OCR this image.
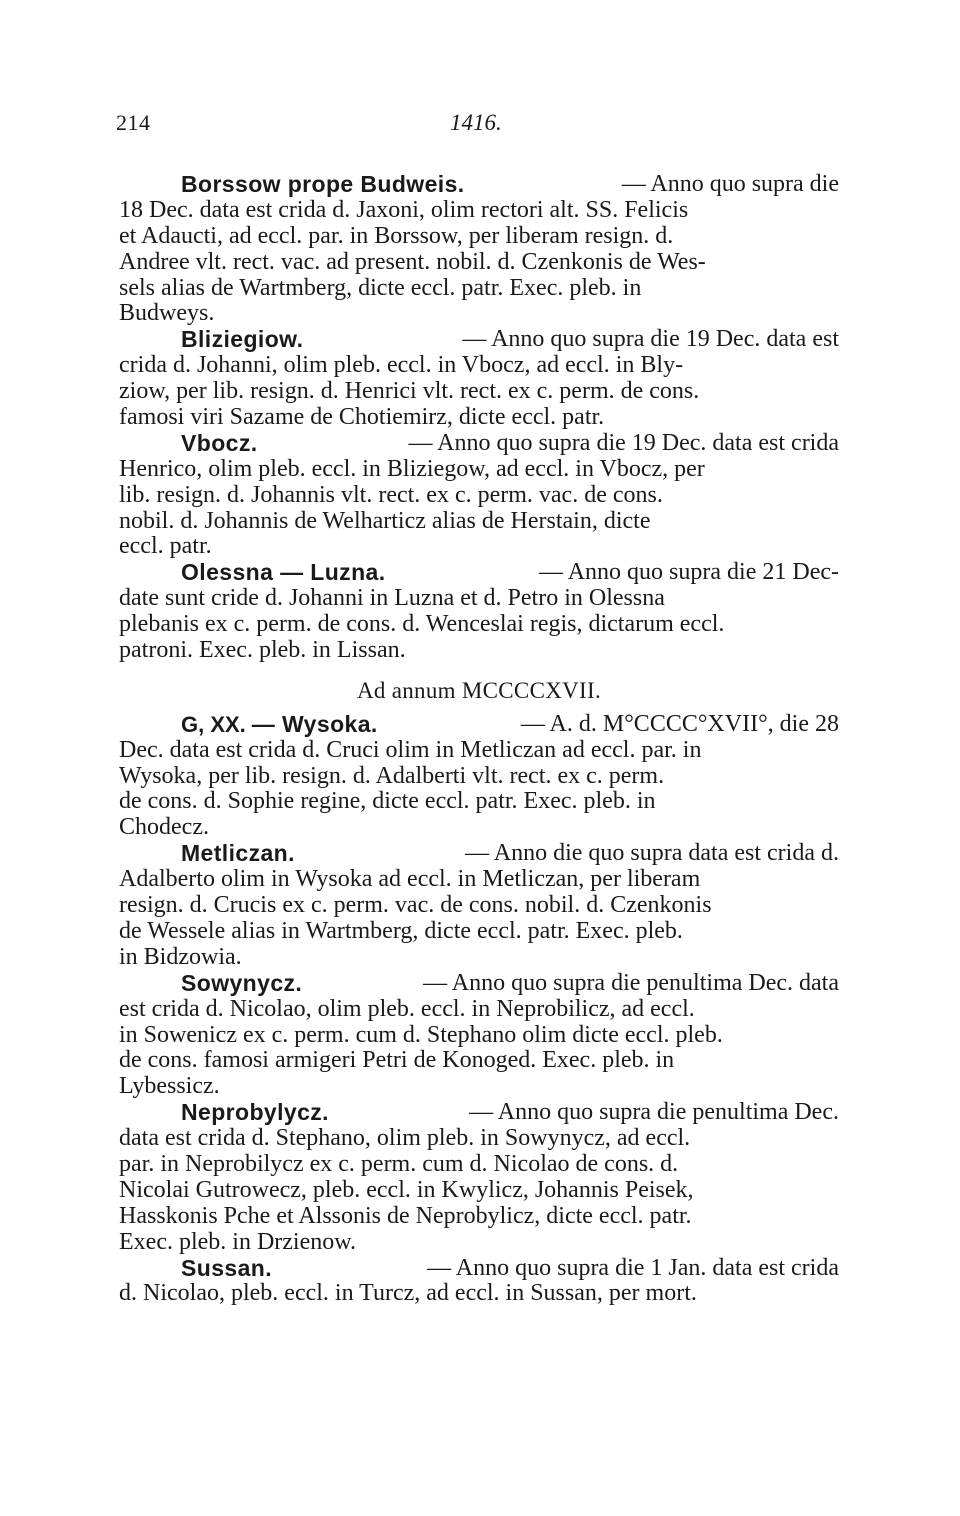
214	1416.
Borssow prope Budweis.	— Anno quo supra die
18 Dec. data est crida d. Jaxoni, olim rectori alt. SS. Felicis
et Adaucti, ad eccl. par. in Borssow, per liberam resign. d.
Andree vlt. rect. vac. ad present. nobil. d. Czenkonis de Wes-
sels alias de Wartmberg, dicte eccl. patr. Exec. pleb. in
Budweys.
Bliziegiow.	— Anno quo supra die 19 Dec. data est
crida d. Johanni, olim pleb. eccl. in Vbocz, ad eccl. in Bly-
ziow, per lib. resign. d. Henrici vlt. rect. ex c. perm. de cons.
famosi viri Sazame de Chotiemirz, dicte eccl. patr.
Vbocz.	— Anno quo supra die 19 Dec. data est crida
Henrico, olim pleb. eccl. in Bliziegow, ad eccl. in Vbocz, per
lib. resign. d. Johannis vlt. rect. ex c. perm. vac. de cons.
nobil. d. Johannis de Welharticz alias de Herstain, dicte
eccl. patr.
Olessna — Luzna.	— Anno quo supra die 21 Dec-
date sunt cride d. Johanni in Luzna et d. Petro in Olessna
plebanis ex c. perm. de cons. d. Wenceslai regis, dictarum eccl.
patroni. Exec. pleb. in Lissan.
Ad annum MCCCCXVII.
G, XX. — Wysoka.	— A. d. M°CCCC°XVII°, die 28
Dec. data est crida d. Cruci olim in Metliczan ad eccl. par. in
Wysoka, per lib. resign. d. Adalberti vlt. rect. ex c. perm.
de cons. d. Sophie regine, dicte eccl. patr. Exec. pleb. in
Chodecz.
Metliczan.	— Anno die quo supra data est crida d.
Adalberto olim in Wysoka ad eccl. in Metliczan, per liberam
resign. d. Crucis ex c. perm. vac. de cons. nobil. d. Czenkonis
de Wessele alias in Wartmberg, dicte eccl. patr. Exec. pleb.
in Bidzowia.
Sowynycz.	— Anno quo supra die penultima Dec. data
est crida d. Nicolao, olim pleb. eccl. in Neprobilicz, ad eccl.
in Sowenicz ex c. perm. cum d. Stephano olim dicte eccl. pleb.
de cons. famosi armigeri Petri de Konoged. Exec. pleb. in
Lybessicz.
Neprobylycz.	— Anno quo supra die penultima Dec.
data est crida d. Stephano, olim pleb. in Sowynycz, ad eccl.
par. in Neprobilycz ex c. perm. cum d. Nicolao de cons. d.
Nicolai Gutrowecz, pleb. eccl. in Kwylicz, Johannis Peisek,
Hasskonis Pche et Alssonis de Neprobylicz, dicte eccl. patr.
Exec. pleb. in Drzienow.
Sussan.	— Anno quo supra die 1 Jan. data est crida
d. Nicolao, pleb. eccl. in Turcz, ad eccl. in Sussan, per mort.
